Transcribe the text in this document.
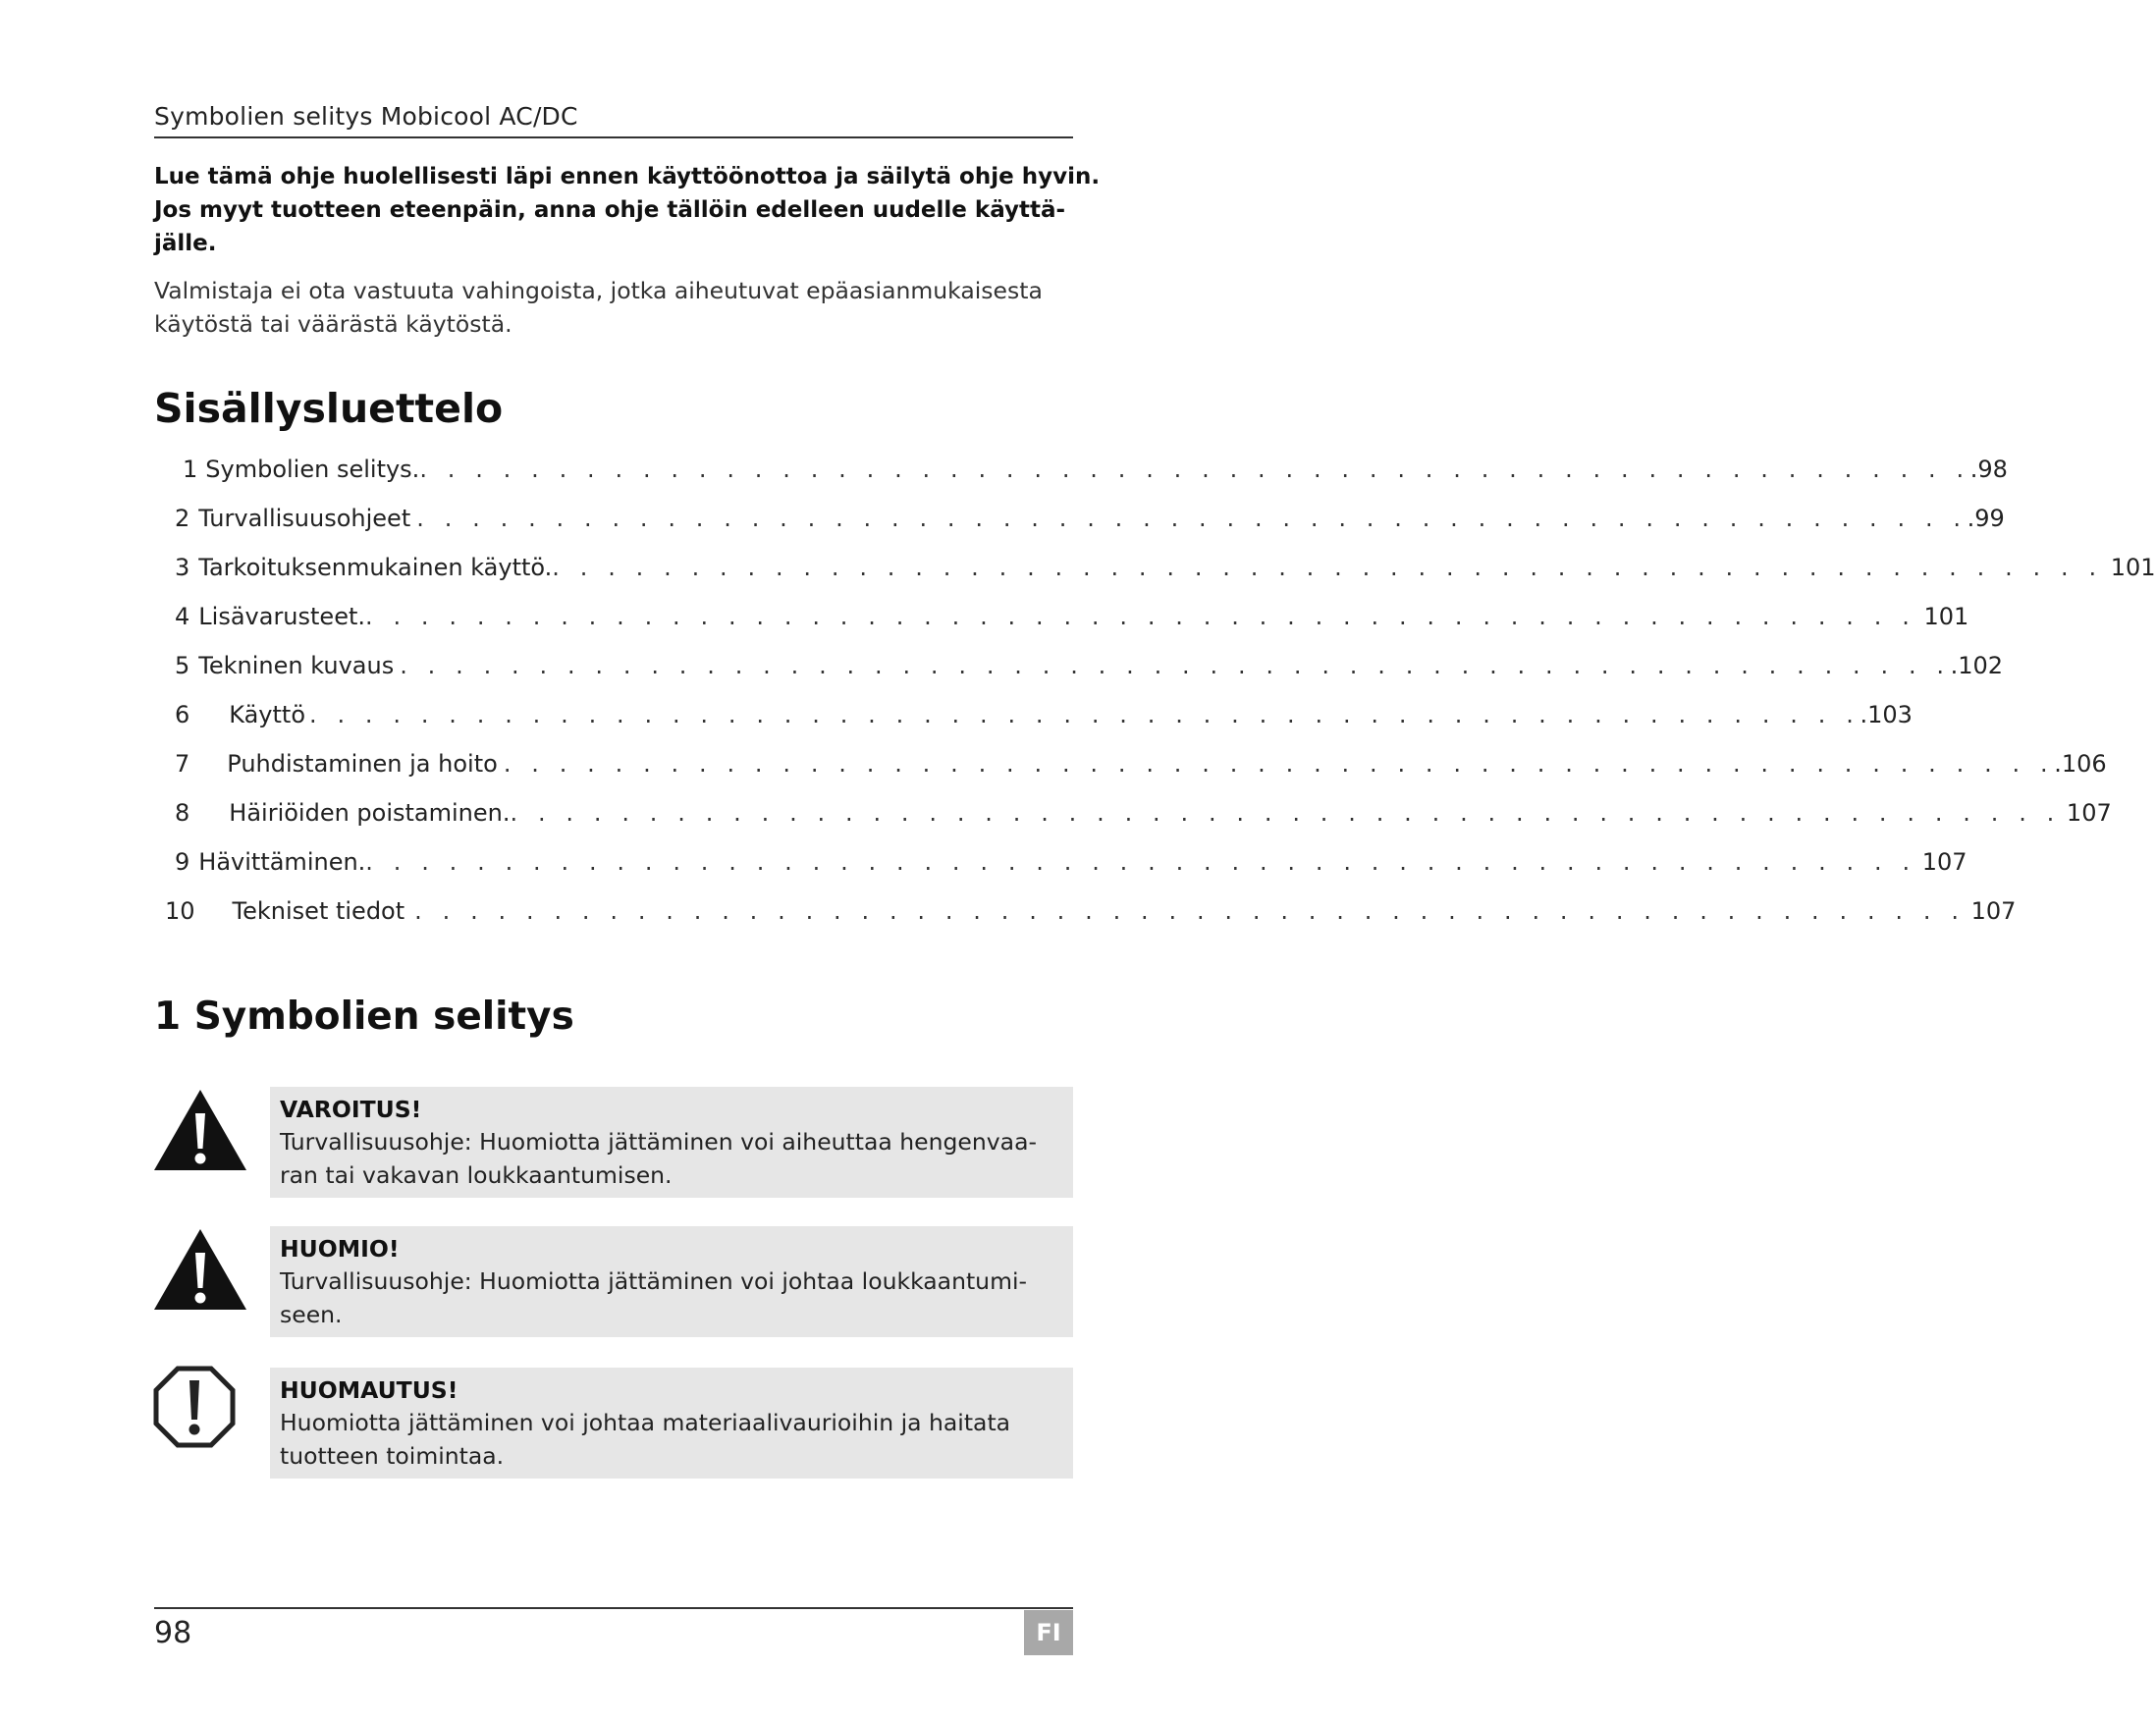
Symbolien selitys Mobicool AC/DC
Lue tämä ohje huolellisesti läpi ennen käyttöönottoa ja säilytä ohje hyvin.
Jos myyt tuotteen eteenpäin, anna ohje tällöin edelleen uudelle käyttä-
jälle.
Valmistaja ei ota vastuuta vahingoista, jotka aiheutuvat epäasianmukaisesta
käytöstä tai väärästä käytöstä.
Sisällysluettelo
1 Symbolien selitys. . . . . . . . . . . . . . . . . . . . . . . . . . . . . . . . . . . . . . . . . . . . . . . . . . . . . . . . . .98
2 Turvallisuusohjeet . . . . . . . . . . . . . . . . . . . . . . . . . . . . . . . . . . . . . . . . . . . . . . . . . . . . . . . . .99
3 Tarkoituksenmukainen käyttö. . . . . . . . . . . . . . . . . . . . . . . . . . . . . . . . . . . . . . . . . . . . . . . . . . . . . . . . . 101
4 Lisävarusteet. . . . . . . . . . . . . . . . . . . . . . . . . . . . . . . . . . . . . . . . . . . . . . . . . . . . . . . . . 101
5 Tekninen kuvaus . . . . . . . . . . . . . . . . . . . . . . . . . . . . . . . . . . . . . . . . . . . . . . . . . . . . . . . . .102
6 Käyttö . . . . . . . . . . . . . . . . . . . . . . . . . . . . . . . . . . . . . . . . . . . . . . . . . . . . . . . . .103
7 Puhdistaminen ja hoito . . . . . . . . . . . . . . . . . . . . . . . . . . . . . . . . . . . . . . . . . . . . . . . . . . . . . . . . .106
8 Häiriöiden poistaminen. . . . . . . . . . . . . . . . . . . . . . . . . . . . . . . . . . . . . . . . . . . . . . . . . . . . . . . . . 107
9 Hävittäminen. . . . . . . . . . . . . . . . . . . . . . . . . . . . . . . . . . . . . . . . . . . . . . . . . . . . . . . . . 107
10 Tekniset tiedot . . . . . . . . . . . . . . . . . . . . . . . . . . . . . . . . . . . . . . . . . . . . . . . . . . . . . . . . 107
1 Symbolien selitys
VAROITUS!
Turvallisuusohje: Huomiotta jättäminen voi aiheuttaa hengenvaa-
ran tai vakavan loukkaantumisen.
HUOMIO!
Turvallisuusohje: Huomiotta jättäminen voi johtaa loukkaantumi-
seen.
HUOMAUTUS!
Huomiotta jättäminen voi johtaa materiaalivaurioihin ja haitata
tuotteen toimintaa.
98	FI
